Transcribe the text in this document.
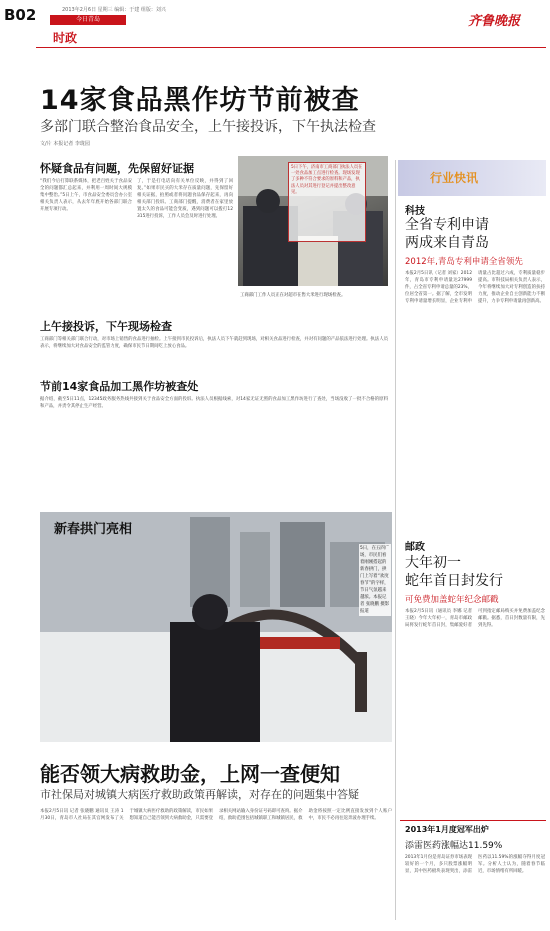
B02	2013年2月6日 星期三 编辑：于建 组版：刘兴
今日青岛
时政
齐鲁晚报
14家食品黑作坊节前被查
多部门联合整治食品安全，上午接投诉，下午执法检查
文/片 本报记者 李珑园
怀疑食品有问题，先保留好证据
“我们今后打算联系媒体，把老百姓关于食品安全的问题都汇总起来，并利用一周时间大规模集中整治。”5日上午，市食品安全委员会办公室相关负责人表示，从去年年底开始各部门联合开展专项行动。
了，于是打电话向有关单位反映，并得到了回复。”如果市民买的大米存在质量问题，先保留好相关证据，拍照或者将问题食品保存起来，再向相关部门投诉。工商部门提醒，消费者在家里放置太久的食品可能会变质，遇到问题可以拨打12315进行投诉，工作人员会及时进行处理。
5日下午，济南市工商部门执法人员在一处食品加工点进行检查。现场发现了多种不符合要求的原料和产品，执法人员对其进行登记并提出整改意见。
工商部门工作人员正在对超市在售大米进行现场检查。
上午接投诉，下午现场检查
工商部门等相关部门联合行动，对市场上销售的食品进行抽检。上午接到市民投诉后，执法人员下午就赶到现场，对相关食品进行检查，并对有问题的产品依法进行处理。执法人员表示，将继续加大对食品安全的监管力度，确保市民节日期间吃上放心食品。
节前14家食品加工黑作坊被查处
据介绍，截至5日11点，12345政务服务热线共接到关于食品安全方面的投诉。执法人员根据线索，对14家无证无照的食品加工黑作坊进行了查处，当场没收了一批不合格的原料和产品，并责令其停止生产经营。
新春拱门亮相
5日，在五四广场，市民们看着刚刚搭起的新春拱门，拱门上写着“欢度春节”的字样，节日气氛越来越浓。本报记者 张晓鹏 摄影报道
能否领大病救助金，上网一查便知
市社保局对城镇大病医疗救助政策再解读，对存在的问题集中答疑
本报2月5日讯 记者 张晓鹏 通讯员 王涛 1月30日，青岛市人社局在其官网发布了关于城镇大病医疗救助的政策解读，市民如果想知道自己能否领到大病救助金，只需要登录相关网站输入身份证号码即可查询。据介绍，救助范围包括城镇职工和城镇居民，救助金将按照一定比例直接发放到个人账户中，市民不必再往返奔波办理手续。
行业快讯
科技
全省专利申请
两成来自青岛
2012年,青岛专利申请全省领先
本报2月5日讯（记者 刘家）2012年，青岛市专利申请量达27999件，占全省专利申请总量的23%，位居全省第一。据了解，全市发明专利申请量增长明显，企业专利申请量占比超过六成，专利质量稳步提高。市科技局相关负责人表示，今年将继续加大对专利创造的扶持力度，推动企业自主创新能力不断提升，力争专利申请量再创新高。
邮政
大年初一
蛇年首日封发行
可免费加盖蛇年纪念邮戳
本报2月5日讯（通讯员 李娜 记者 王晓）今年大年初一，青岛市邮政局将发行蛇年首日封，集邮爱好者可到指定邮局购买并免费加盖纪念邮戳。据悉，首日封数量有限，先到先得。
2013年1月度冠军出炉
添雷医药涨幅达11.59%
2013年1月份是青岛证券市场表现较好的一个月，多只股票涨幅明显，其中医药板块表现突出，添雷医药以11.59%的涨幅夺得月度冠军。分析人士认为，随着春节临近，市场情绪有所回暖。
